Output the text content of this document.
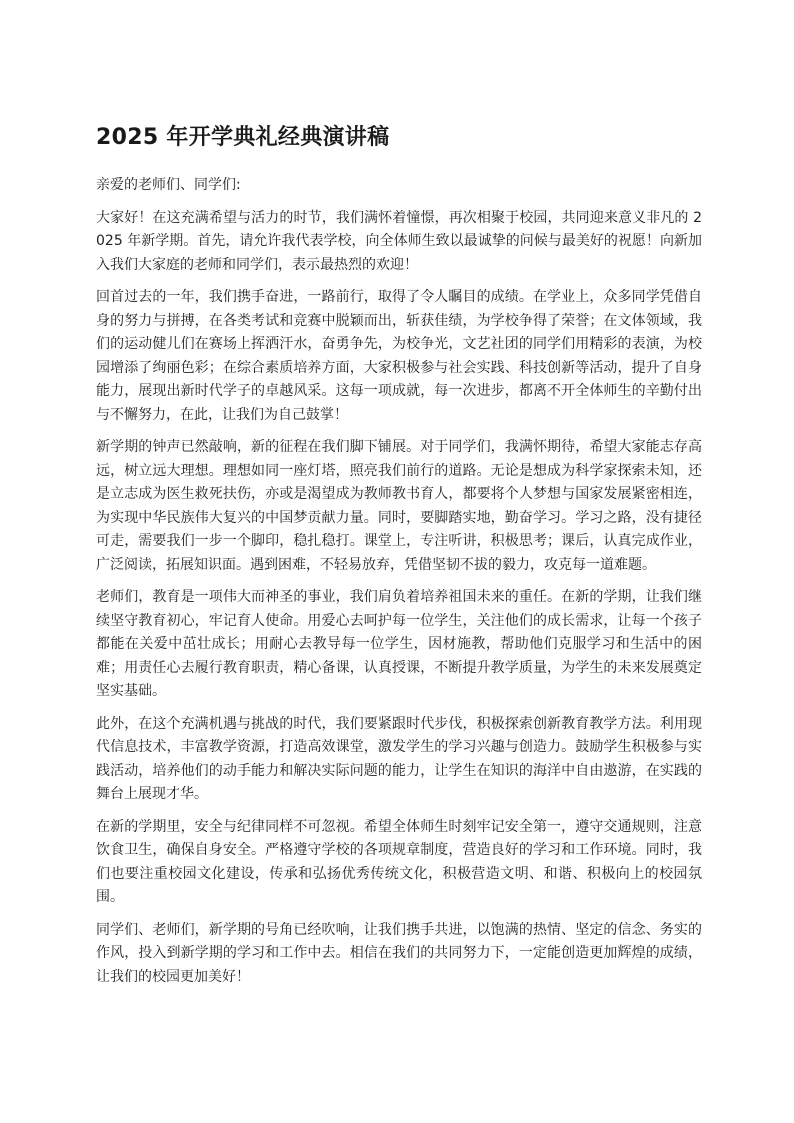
2025 年开学典礼经典演讲稿

亲爱的老师们、同学们:

大家好！在这充满希望与活力的时节，我们满怀着憧憬，再次相聚于校园，共同迎来意义非凡的 2025 年新学期。首先，请允许我代表学校，向全体师生致以最诚挚的问候与最美好的祝愿！向新加入我们大家庭的老师和同学们，表示最热烈的欢迎！

回首过去的一年，我们携手奋进，一路前行，取得了令人瞩目的成绩。在学业上，众多同学凭借自身的努力与拼搏，在各类考试和竞赛中脱颖而出，斩获佳绩，为学校争得了荣誉；在文体领域，我们的运动健儿们在赛场上挥洒汗水，奋勇争先，为校争光，文艺社团的同学们用精彩的表演，为校园增添了绚丽色彩；在综合素质培养方面，大家积极参与社会实践、科技创新等活动，提升了自身能力，展现出新时代学子的卓越风采。这每一项成就，每一次进步，都离不开全体师生的辛勤付出与不懈努力，在此，让我们为自己鼓掌！

新学期的钟声已然敲响，新的征程在我们脚下铺展。对于同学们，我满怀期待，希望大家能志存高远，树立远大理想。理想如同一座灯塔，照亮我们前行的道路。无论是想成为科学家探索未知，还是立志成为医生救死扶伤，亦或是渴望成为教师教书育人，都要将个人梦想与国家发展紧密相连，为实现中华民族伟大复兴的中国梦贡献力量。同时，要脚踏实地，勤奋学习。学习之路，没有捷径可走，需要我们一步一个脚印，稳扎稳打。课堂上，专注听讲，积极思考；课后，认真完成作业，广泛阅读，拓展知识面。遇到困难，不轻易放弃，凭借坚韧不拔的毅力，攻克每一道难题。

老师们，教育是一项伟大而神圣的事业，我们肩负着培养祖国未来的重任。在新的学期，让我们继续坚守教育初心，牢记育人使命。用爱心去呵护每一位学生，关注他们的成长需求，让每一个孩子都能在关爱中茁壮成长；用耐心去教导每一位学生，因材施教，帮助他们克服学习和生活中的困难；用责任心去履行教育职责，精心备课，认真授课，不断提升教学质量，为学生的未来发展奠定坚实基础。

此外，在这个充满机遇与挑战的时代，我们要紧跟时代步伐，积极探索创新教育教学方法。利用现代信息技术，丰富教学资源，打造高效课堂，激发学生的学习兴趣与创造力。鼓励学生积极参与实践活动，培养他们的动手能力和解决实际问题的能力，让学生在知识的海洋中自由遨游，在实践的舞台上展现才华。

在新的学期里，安全与纪律同样不可忽视。希望全体师生时刻牢记安全第一，遵守交通规则，注意饮食卫生，确保自身安全。严格遵守学校的各项规章制度，营造良好的学习和工作环境。同时，我们也要注重校园文化建设，传承和弘扬优秀传统文化，积极营造文明、和谐、积极向上的校园氛围。

同学们、老师们，新学期的号角已经吹响，让我们携手共进，以饱满的热情、坚定的信念、务实的作风，投入到新学期的学习和工作中去。相信在我们的共同努力下，一定能创造更加辉煌的成绩，让我们的校园更加美好！
